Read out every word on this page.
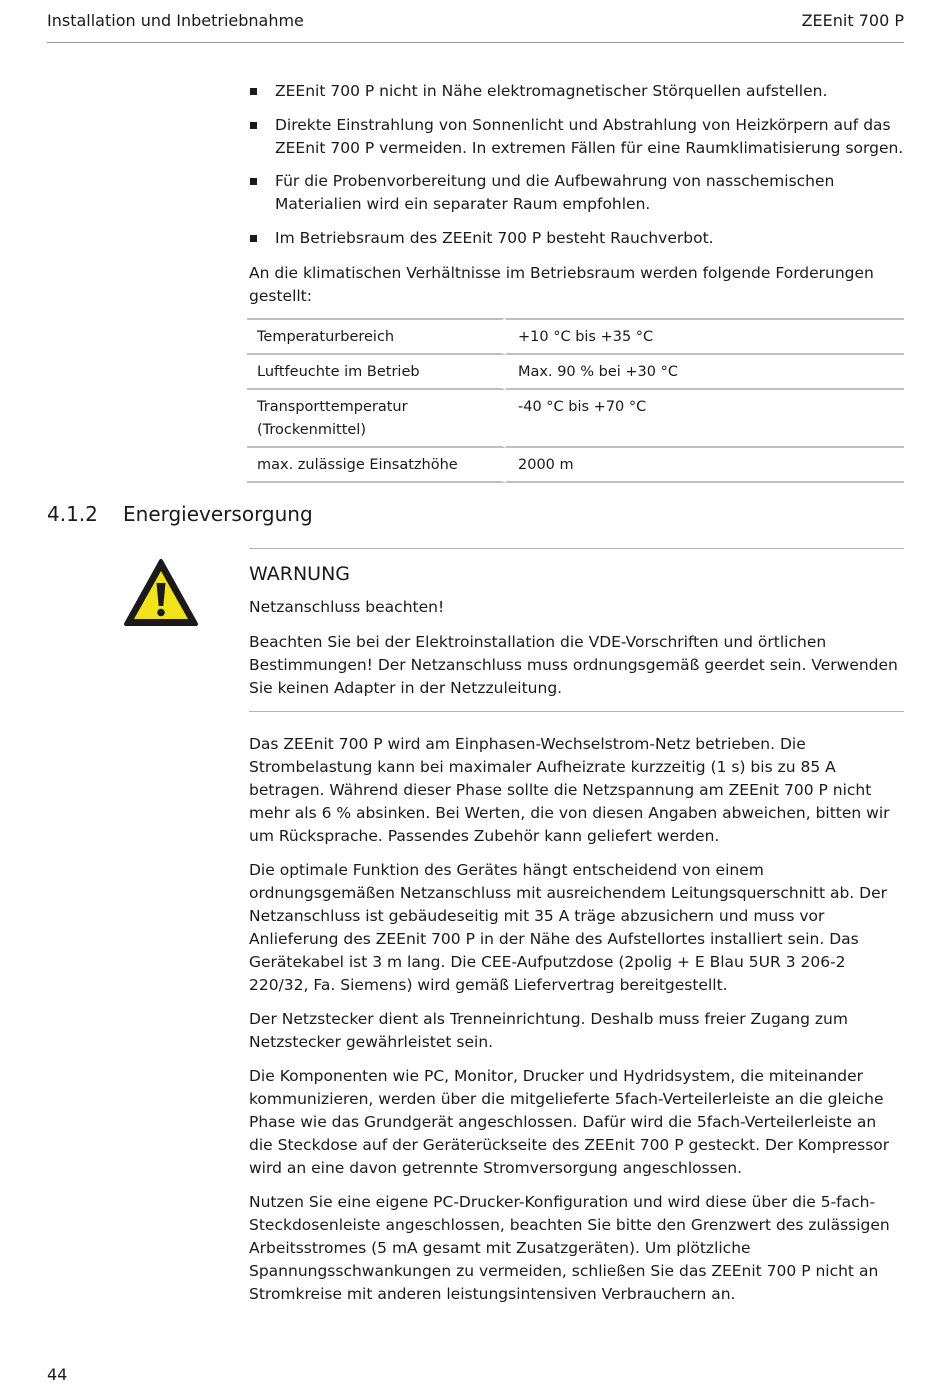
Installation und Inbetriebnahme	ZEEnit 700 P
ZEEnit 700 P nicht in Nähe elektromagnetischer Störquellen aufstellen.
Direkte Einstrahlung von Sonnenlicht und Abstrahlung von Heizkörpern auf das ZEEnit 700 P vermeiden. In extremen Fällen für eine Raumklimatisierung sorgen.
Für die Probenvorbereitung und die Aufbewahrung von nasschemischen Materialien wird ein separater Raum empfohlen.
Im Betriebsraum des ZEEnit 700 P besteht Rauchverbot.
An die klimatischen Verhältnisse im Betriebsraum werden folgende Forderungen gestellt:
Temperaturbereich	+10 °C bis +35 °C
Luftfeuchte im Betrieb	Max. 90 % bei +30 °C

Transporttemperatur (Trockenmittel)	-40 °C bis +70 °C
max. zulässige Einsatzhöhe	2000 m
4.1.2 Energieversorgung
WARNUNG
Netzanschluss beachten!
Beachten Sie bei der Elektroinstallation die VDE-Vorschriften und örtlichen Bestimmungen! Der Netzanschluss muss ordnungsgemäß geerdet sein. Verwenden Sie keinen Adapter in der Netzzuleitung.

Das ZEEnit 700 P wird am Einphasen-Wechselstrom-Netz betrieben. Die Strombelastung kann bei maximaler Aufheizrate kurzzeitig (1 s) bis zu 85 A betragen. Während dieser Phase sollte die Netzspannung am ZEEnit 700 P nicht mehr als 6 % absinken. Bei Werten, die von diesen Angaben abweichen, bitten wir um Rücksprache. Passendes Zubehör kann geliefert werden.

Die optimale Funktion des Gerätes hängt entscheidend von einem ordnungsgemäßen Netzanschluss mit ausreichendem Leitungsquerschnitt ab. Der Netzanschluss ist gebäudeseitig mit 35 A träge abzusichern und muss vor Anlieferung des ZEEnit 700 P in der Nähe des Aufstellortes installiert sein. Das Gerätekabel ist 3 m lang. Die CEE-Aufputzdose (2polig + E Blau 5UR 3 206-2 220/32, Fa. Siemens) wird gemäß Liefervertrag bereitgestellt.

Der Netzstecker dient als Trenneinrichtung. Deshalb muss freier Zugang zum Netzstecker gewährleistet sein.

Die Komponenten wie PC, Monitor, Drucker und Hydridsystem, die miteinander kommunizieren, werden über die mitgelieferte 5fach-Verteilerleiste an die gleiche Phase wie das Grundgerät angeschlossen. Dafür wird die 5fach-Verteilerleiste an die Steckdose auf der Geräterückseite des ZEEnit 700 P gesteckt. Der Kompressor wird an eine davon getrennte Stromversorgung angeschlossen.

Nutzen Sie eine eigene PC-Drucker-Konfiguration und wird diese über die 5-fach-Steckdosenleiste angeschlossen, beachten Sie bitte den Grenzwert des zulässigen Arbeitsstromes (5 mA gesamt mit Zusatzgeräten). Um plötzliche Spannungsschwankungen zu vermeiden, schließen Sie das ZEEnit 700 P nicht an Stromkreise mit anderen leistungsintensiven Verbrauchern an.

44
